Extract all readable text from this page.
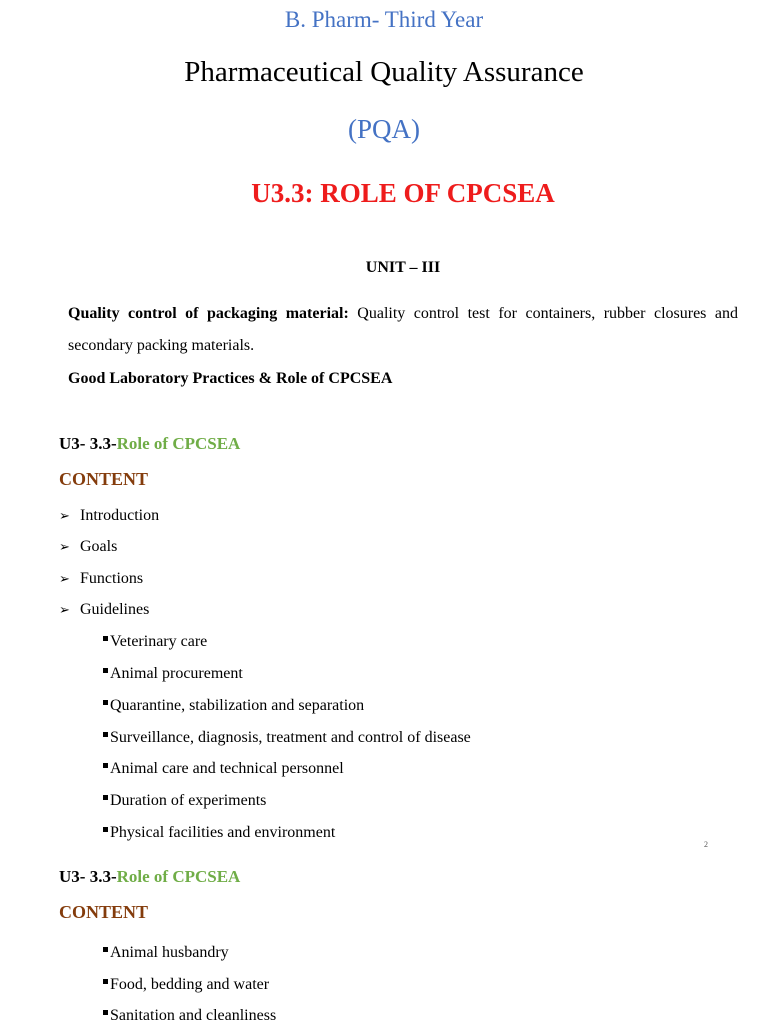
B. Pharm- Third Year
Pharmaceutical Quality Assurance
(PQA)
U3.3: ROLE OF CPCSEA
UNIT – III
Quality control of packaging material: Quality control test for containers, rubber closures and secondary packing materials.
Good Laboratory Practices & Role of CPCSEA
U3- 3.3-Role of CPCSEA
CONTENT
➢ Introduction
➢ Goals
➢ Functions
➢ Guidelines
Veterinary care
Animal procurement
Quarantine, stabilization and separation
Surveillance, diagnosis, treatment and control of disease
Animal care and technical personnel
Duration of experiments
Physical facilities and environment
2
U3- 3.3-Role of CPCSEA
CONTENT
Animal husbandry
Food, bedding and water
Sanitation and cleanliness
